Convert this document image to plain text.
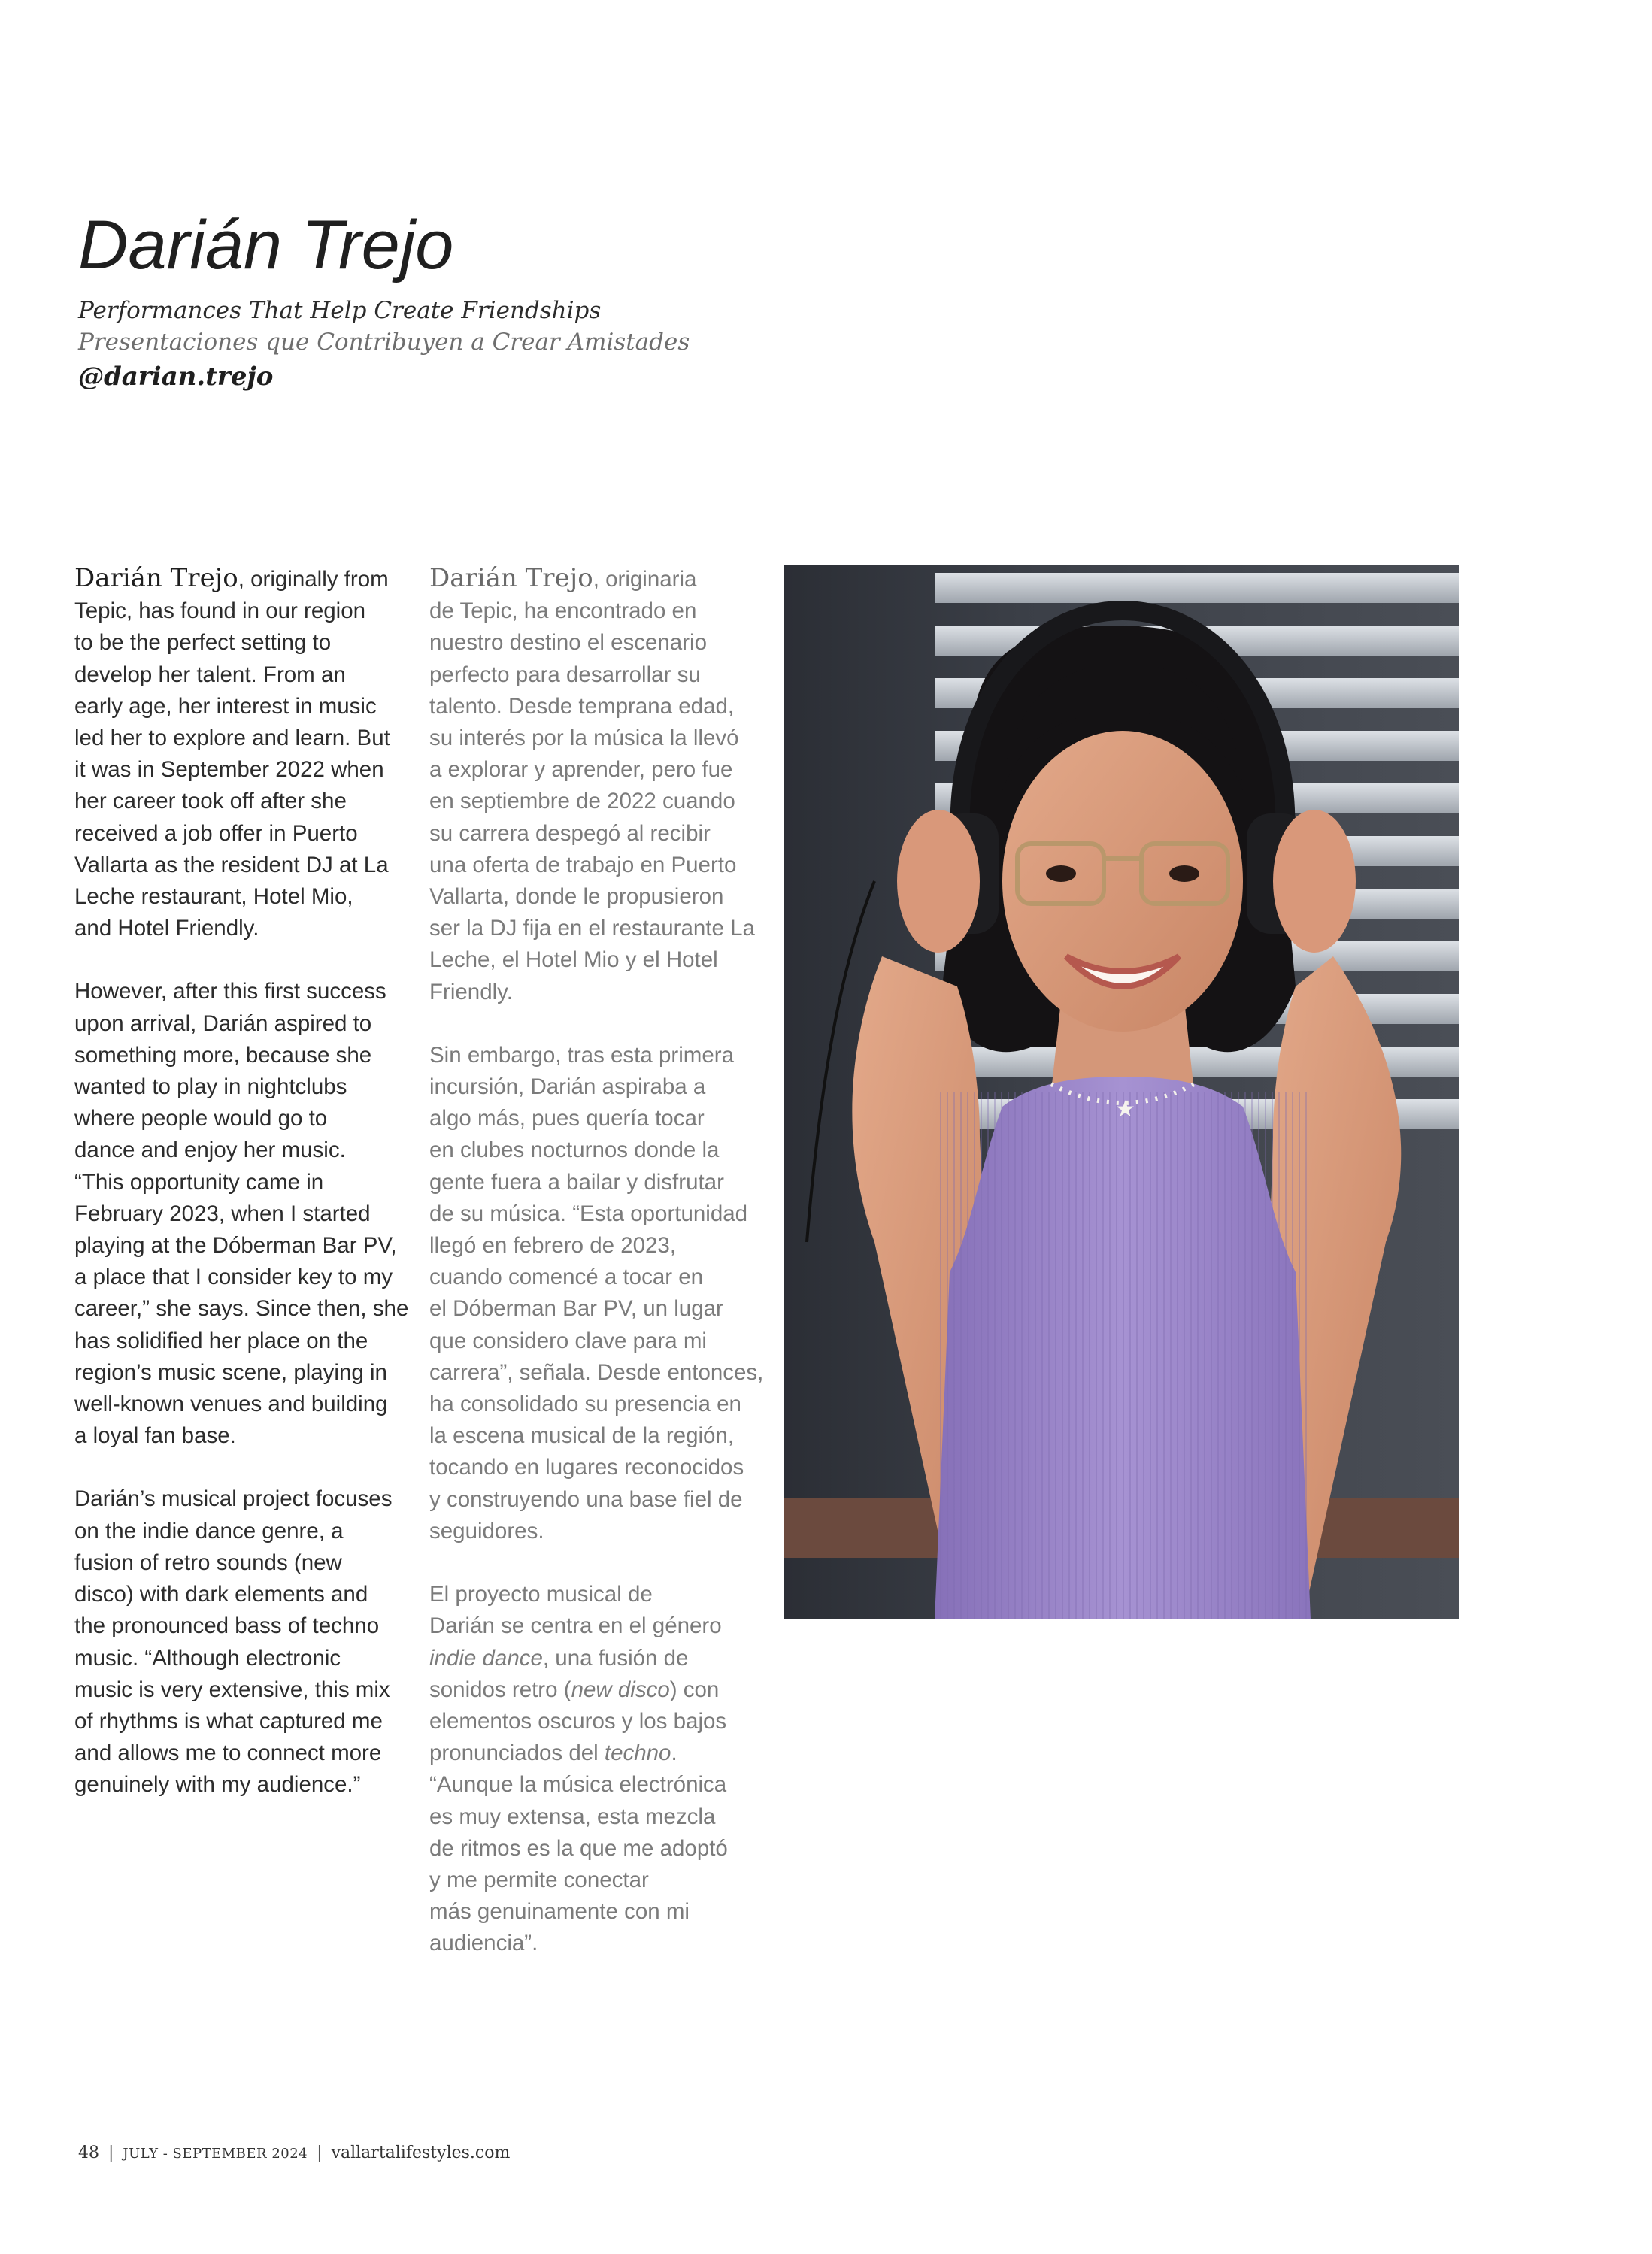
Darián Trejo
Performances That Help Create Friendships
Presentaciones que Contribuyen a Crear Amistades
@darian.trejo

Darián Trejo, originally from
Tepic, has found in our region
to be the perfect setting to
develop her talent. From an
early age, her interest in music
led her to explore and learn. But
it was in September 2022 when
her career took off after she
received a job offer in Puerto
Vallarta as the resident DJ at La
Leche restaurant, Hotel Mio,
and Hotel Friendly.

However, after this first success
upon arrival, Darián aspired to
something more, because she
wanted to play in nightclubs
where people would go to
dance and enjoy her music.
“This opportunity came in
February 2023, when I started
playing at the Dóberman Bar PV,
a place that I consider key to my
career,” she says. Since then, she
has solidified her place on the
region’s music scene, playing in
well-known venues and building
a loyal fan base.

Darián’s musical project focuses
on the indie dance genre, a
fusion of retro sounds (new
disco) with dark elements and
the pronounced bass of techno
music. “Although electronic
music is very extensive, this mix
of rhythms is what captured me
and allows me to connect more
genuinely with my audience.”

Darián Trejo, originaria
de Tepic, ha encontrado en
nuestro destino el escenario
perfecto para desarrollar su
talento. Desde temprana edad,
su interés por la música la llevó
a explorar y aprender, pero fue
en septiembre de 2022 cuando
su carrera despegó al recibir
una oferta de trabajo en Puerto
Vallarta, donde le propusieron
ser la DJ fija en el restaurante La
Leche, el Hotel Mio y el Hotel
Friendly.

Sin embargo, tras esta primera
incursión, Darián aspiraba a
algo más, pues quería tocar
en clubes nocturnos donde la
gente fuera a bailar y disfrutar
de su música. “Esta oportunidad
llegó en febrero de 2023,
cuando comencé a tocar en
el Dóberman Bar PV, un lugar
que considero clave para mi
carrera”, señala. Desde entonces,
ha consolidado su presencia en
la escena musical de la región,
tocando en lugares reconocidos
y construyendo una base fiel de
seguidores.

El proyecto musical de
Darián se centra en el género
indie dance, una fusión de
sonidos retro (new disco) con
elementos oscuros y los bajos
pronunciados del techno.
“Aunque la música electrónica
es muy extensa, esta mezcla
de ritmos es la que me adoptó
y me permite conectar
más genuinamente con mi
audiencia”.

★
48 | JULY - SEPTEMBER 2024 | vallartalifestyles.com
